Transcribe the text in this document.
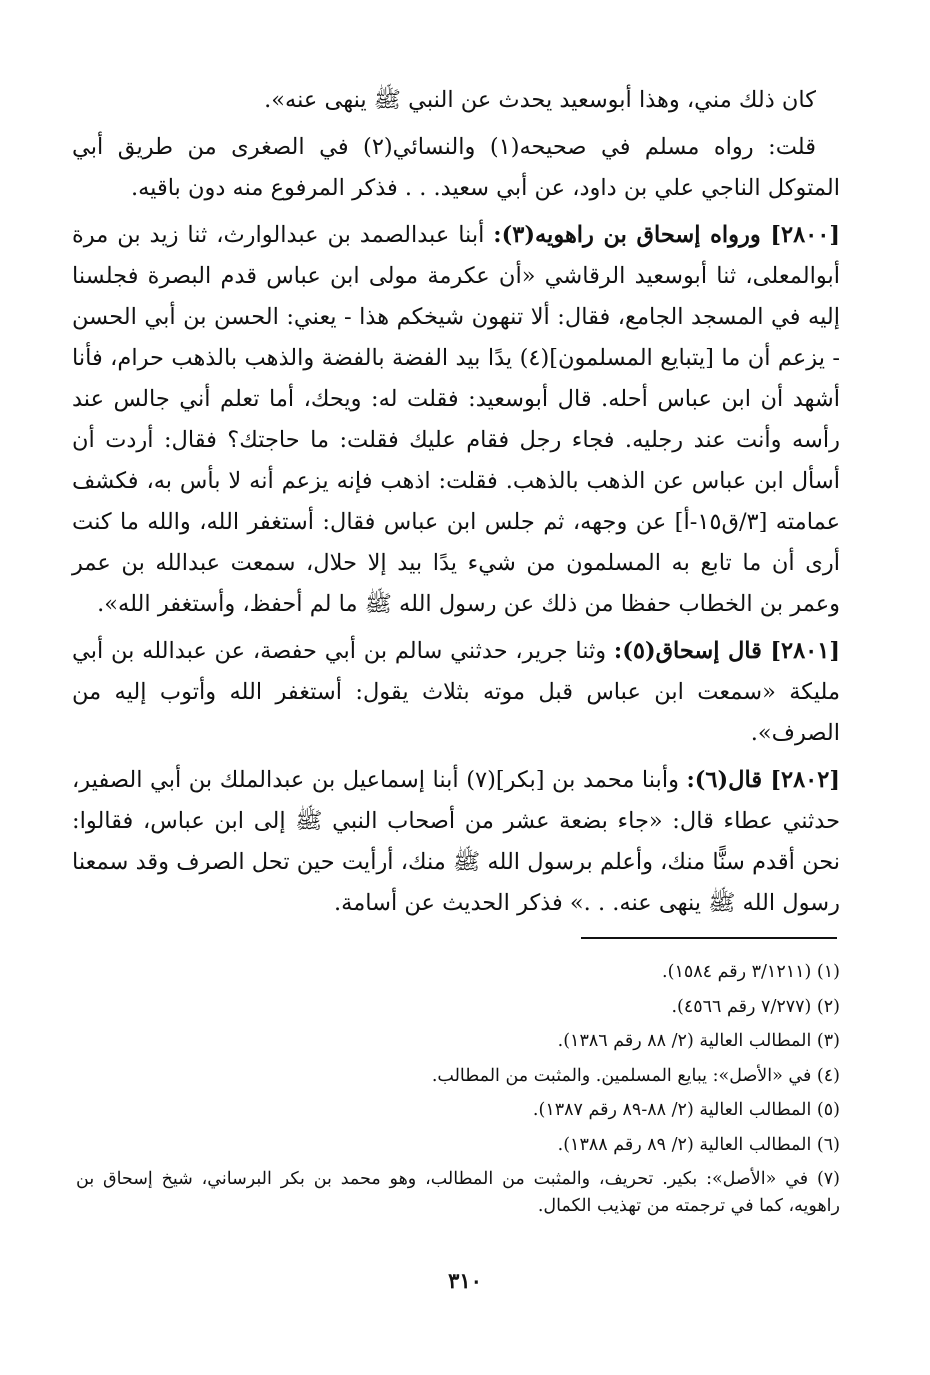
كان ذلك مني، وهذا أبوسعيد يحدث عن النبي ﷺ ينهى عنه».

قلت: رواه مسلم في صحيحه(١) والنسائي(٢) في الصغرى من طريق أبي المتوكل الناجي علي بن داود، عن أبي سعيد. . . فذكر المرفوع منه دون باقيه.

[٢٨٠٠] ورواه إسحاق بن راهويه(٣): أبنا عبدالصمد بن عبدالوارث، ثنا زيد بن مرة أبوالمعلى، ثنا أبوسعيد الرقاشي «أن عكرمة مولى ابن عباس قدم البصرة فجلسنا إليه في المسجد الجامع، فقال: ألا تنهون شيخكم هذا - يعني: الحسن بن أبي الحسن - يزعم أن ما [يتبايع المسلمون](٤) يدًا بيد الفضة بالفضة والذهب بالذهب حرام، فأنا أشهد أن ابن عباس أحله. قال أبوسعيد: فقلت له: ويحك، أما تعلم أني جالس عند رأسه وأنت عند رجليه. فجاء رجل فقام عليك فقلت: ما حاجتك؟ فقال: أردت أن أسأل ابن عباس عن الذهب بالذهب. فقلت: اذهب فإنه يزعم أنه لا بأس به، فكشف عمامته [٣/ق١٥-أ] عن وجهه، ثم جلس ابن عباس فقال: أستغفر الله، والله ما كنت أرى أن ما تابع به المسلمون من شيء يدًا بيد إلا حلال، سمعت عبدالله بن عمر وعمر بن الخطاب حفظا من ذلك عن رسول الله ﷺ ما لم أحفظ، وأستغفر الله».

[٢٨٠١] قال إسحاق(٥): وثنا جرير، حدثني سالم بن أبي حفصة، عن عبدالله بن أبي مليكة «سمعت ابن عباس قبل موته بثلاث يقول: أستغفر الله وأتوب إليه من الصرف».

[٢٨٠٢] قال(٦): وأبنا محمد بن [بكر](٧) أبنا إسماعيل بن عبدالملك بن أبي الصفير، حدثني عطاء قال: «جاء بضعة عشر من أصحاب النبي ﷺ إلى ابن عباس، فقالوا: نحن أقدم سنًّا منك، وأعلم برسول الله ﷺ منك، أرأيت حين تحل الصرف وقد سمعنا رسول الله ﷺ ينهى عنه. . .» فذكر الحديث عن أسامة.

(١) (٣/١٢١١ رقم ١٥٨٤).

(٢) (٧/٢٧٧ رقم ٤٥٦٦).

(٣) المطالب العالية (٢/ ٨٨ رقم ١٣٨٦).

(٤) في «الأصل»: يبايع المسلمين. والمثبت من المطالب.

(٥) المطالب العالية (٢/ ٨٨-٨٩ رقم ١٣٨٧).

(٦) المطالب العالية (٢/ ٨٩ رقم ١٣٨٨).

(٧) في «الأصل»: بكير. تحريف، والمثبت من المطالب، وهو محمد بن بكر البرساني، شيخ إسحاق بن راهويه، كما في ترجمته من تهذيب الكمال.

٣١٠
